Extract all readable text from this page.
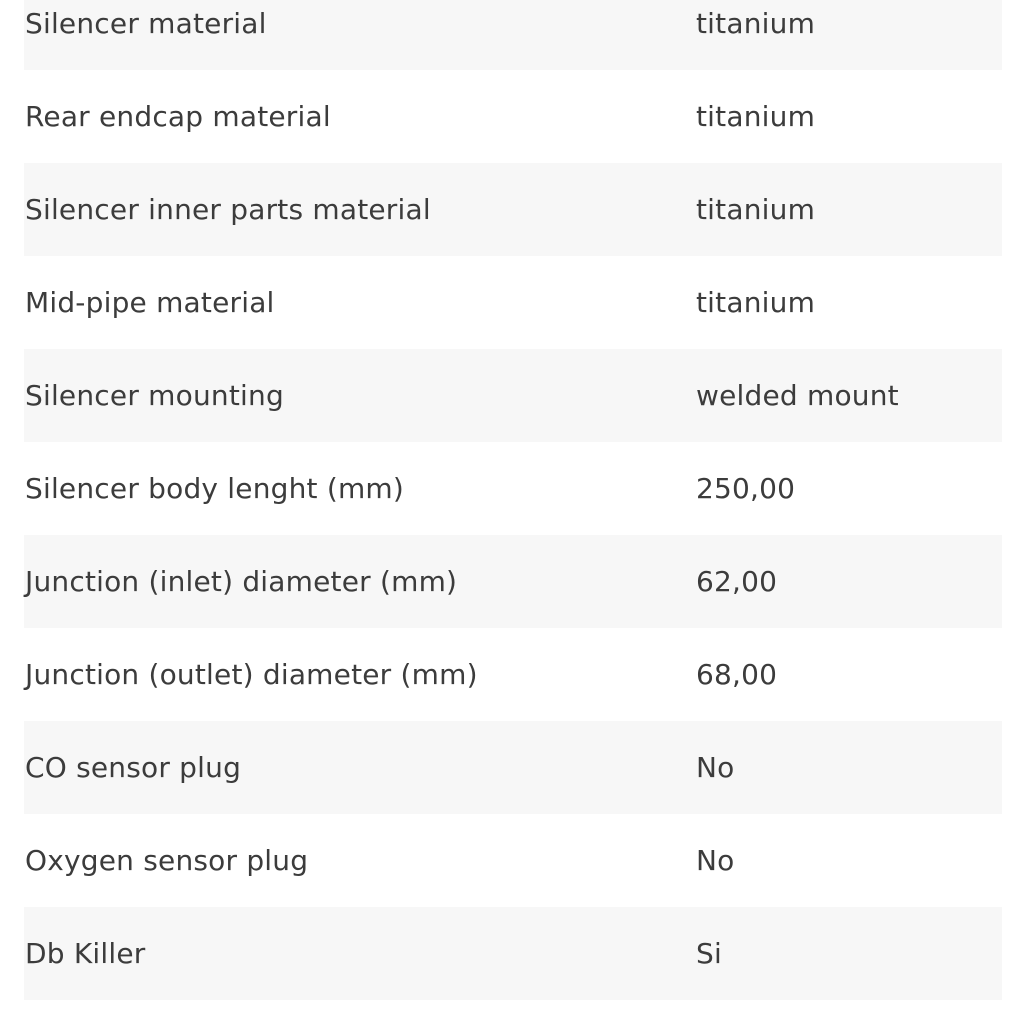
Silencer material	titanium
Rear endcap material	titanium
Silencer inner parts material	titanium
Mid-pipe material	titanium
Silencer mounting	welded mount
Silencer body lenght (mm)	250,00
Junction (inlet) diameter (mm)	62,00
Junction (outlet) diameter (mm)	68,00
CO sensor plug	No
Oxygen sensor plug	No
Db Killer	Si
